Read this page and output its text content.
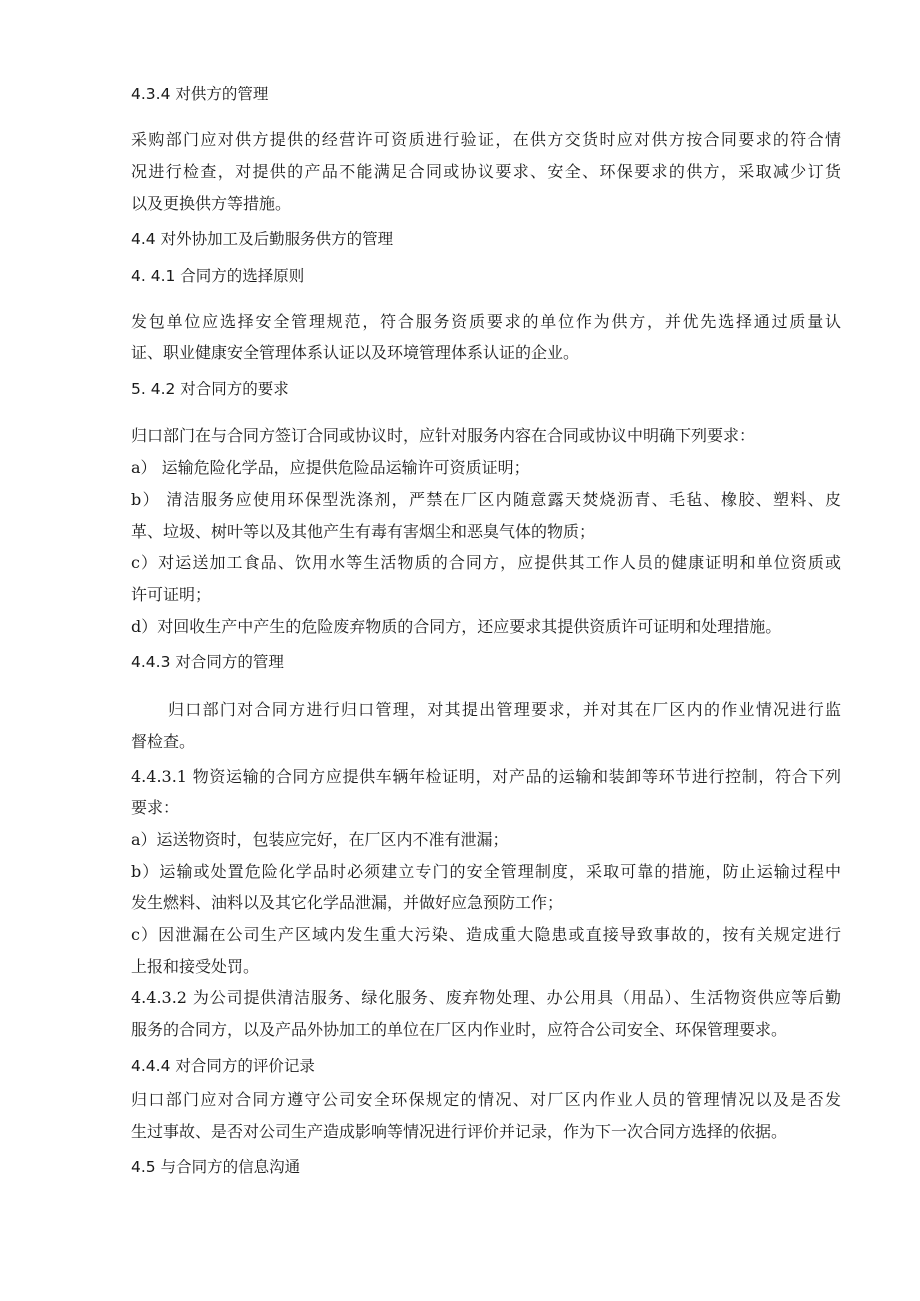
4.3.4 对供方的管理
采购部门应对供方提供的经营许可资质进行验证，在供方交货时应对供方按合同要求的符合情
况进行检查，对提供的产品不能满足合同或协议要求、安全、环保要求的供方，采取减少订货
以及更换供方等措施。
4.4 对外协加工及后勤服务供方的管理
4. 4.1 合同方的选择原则
发包单位应选择安全管理规范，符合服务资质要求的单位作为供方，并优先选择通过质量认
证、职业健康安全管理体系认证以及环境管理体系认证的企业。
5. 4.2 对合同方的要求
归口部门在与合同方签订合同或协议时，应针对服务内容在合同或协议中明确下列要求：
a） 运输危险化学品，应提供危险品运输许可资质证明；
b） 清洁服务应使用环保型洗涤剂，严禁在厂区内随意露天焚烧沥青、毛毡、橡胶、塑料、皮
革、垃圾、树叶等以及其他产生有毒有害烟尘和恶臭气体的物质；
c）对运送加工食品、饮用水等生活物质的合同方，应提供其工作人员的健康证明和单位资质或
许可证明；
d）对回收生产中产生的危险废弃物质的合同方，还应要求其提供资质许可证明和处理措施。
4.4.3 对合同方的管理
归口部门对合同方进行归口管理，对其提出管理要求，并对其在厂区内的作业情况进行监
督检查。
4.4.3.1 物资运输的合同方应提供车辆年检证明，对产品的运输和装卸等环节进行控制，符合下列
要求：
a）运送物资时，包装应完好，在厂区内不准有泄漏；
b）运输或处置危险化学品时必须建立专门的安全管理制度，采取可靠的措施，防止运输过程中
发生燃料、油料以及其它化学品泄漏，并做好应急预防工作；
c）因泄漏在公司生产区域内发生重大污染、造成重大隐患或直接导致事故的，按有关规定进行
上报和接受处罚。
4.4.3.2 为公司提供清洁服务、绿化服务、废弃物处理、办公用具（用品）、生活物资供应等后勤
服务的合同方，以及产品外协加工的单位在厂区内作业时，应符合公司安全、环保管理要求。
4.4.4 对合同方的评价记录
归口部门应对合同方遵守公司安全环保规定的情况、对厂区内作业人员的管理情况以及是否发
生过事故、是否对公司生产造成影响等情况进行评价并记录，作为下一次合同方选择的依据。
4.5 与合同方的信息沟通
